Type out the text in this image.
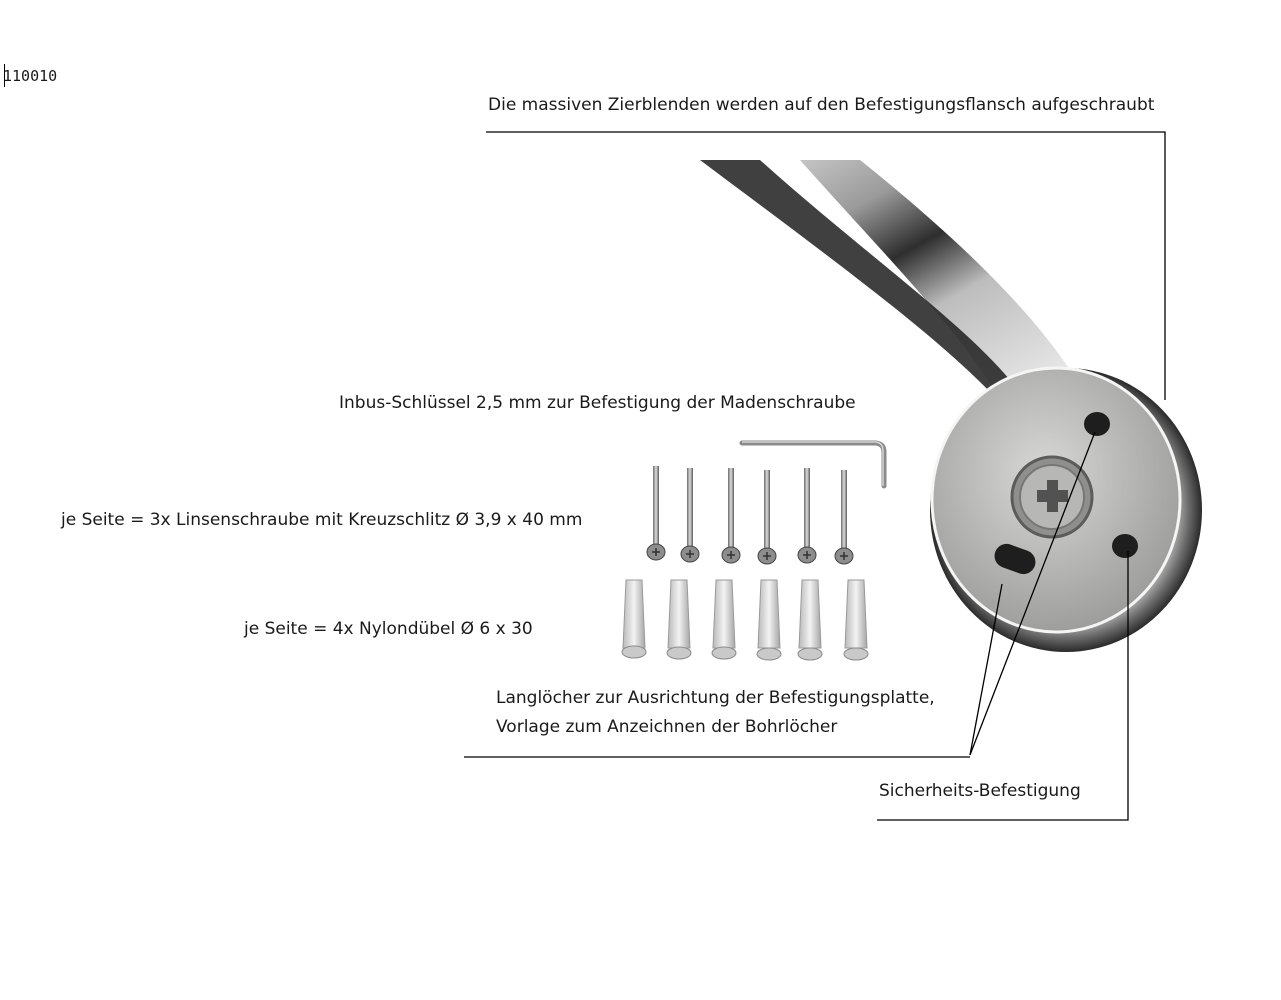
110010
Die massiven Zierblenden werden auf den Befestigungsflansch aufgeschraubt
Inbus-Schlüssel 2,5 mm zur Befestigung der Madenschraube
je Seite = 3x Linsenschraube mit Kreuzschlitz Ø 3,9 x 40 mm
je Seite = 4x Nylondübel Ø 6 x 30
Langlöcher zur Ausrichtung der Befestigungsplatte,
Vorlage zum Anzeichnen der Bohrlöcher
Sicherheits-Befestigung
